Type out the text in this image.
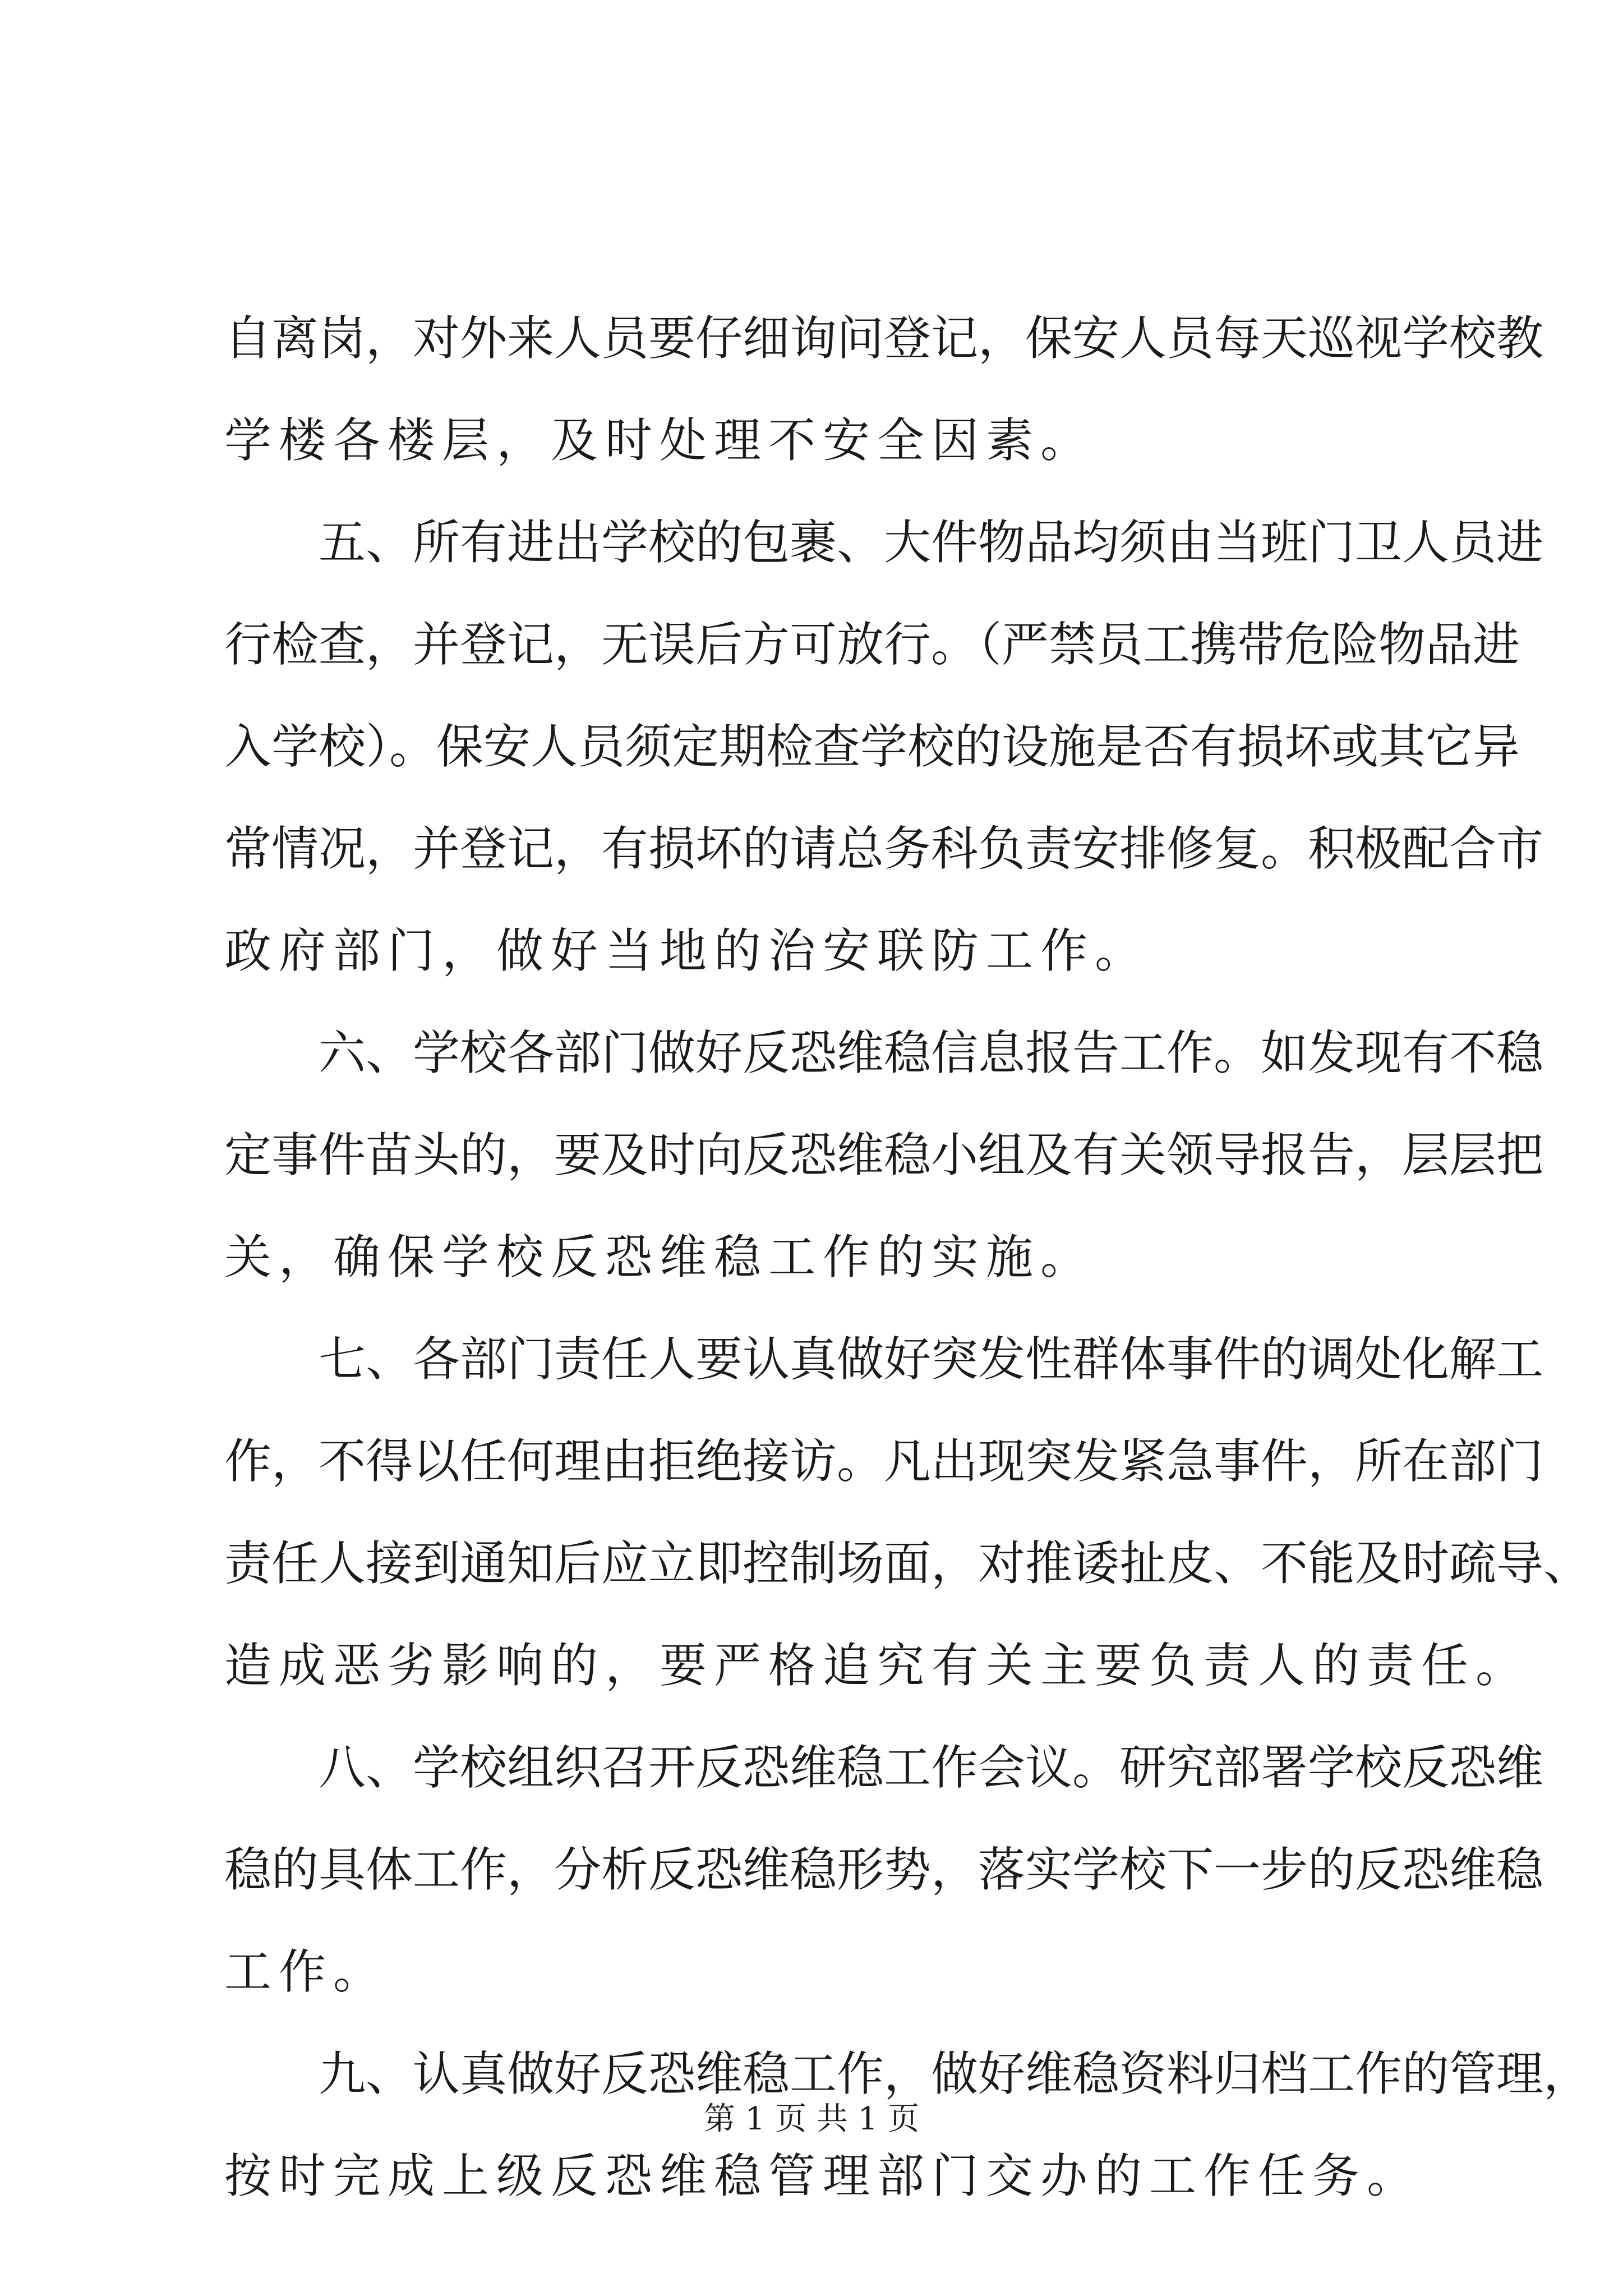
自离岗，对外来人员要仔细询问登记，保安人员每天巡视学校教
学楼各楼层，及时处理不安全因素。
五、所有进出学校的包裹、大件物品均须由当班门卫人员进
行检查，并登记，无误后方可放行。（严禁员工携带危险物品进
入学校）。保安人员须定期检查学校的设施是否有损坏或其它异
常情况，并登记，有损坏的请总务科负责安排修复。积极配合市
政府部门，做好当地的治安联防工作。
六、学校各部门做好反恐维稳信息报告工作。如发现有不稳
定事件苗头的，要及时向反恐维稳小组及有关领导报告，层层把
关，确保学校反恐维稳工作的实施。
七、各部门责任人要认真做好突发性群体事件的调处化解工
作，不得以任何理由拒绝接访。凡出现突发紧急事件，所在部门
责任人接到通知后应立即控制场面，对推诿扯皮、不能及时疏导、
造成恶劣影响的，要严格追究有关主要负责人的责任。
八、学校组织召开反恐维稳工作会议。研究部署学校反恐维
稳的具体工作，分析反恐维稳形势，落实学校下一步的反恐维稳
工作。
九、认真做好反恐维稳工作，做好维稳资料归档工作的管理，
按时完成上级反恐维稳管理部门交办的工作任务。
第 1 页 共 1 页
